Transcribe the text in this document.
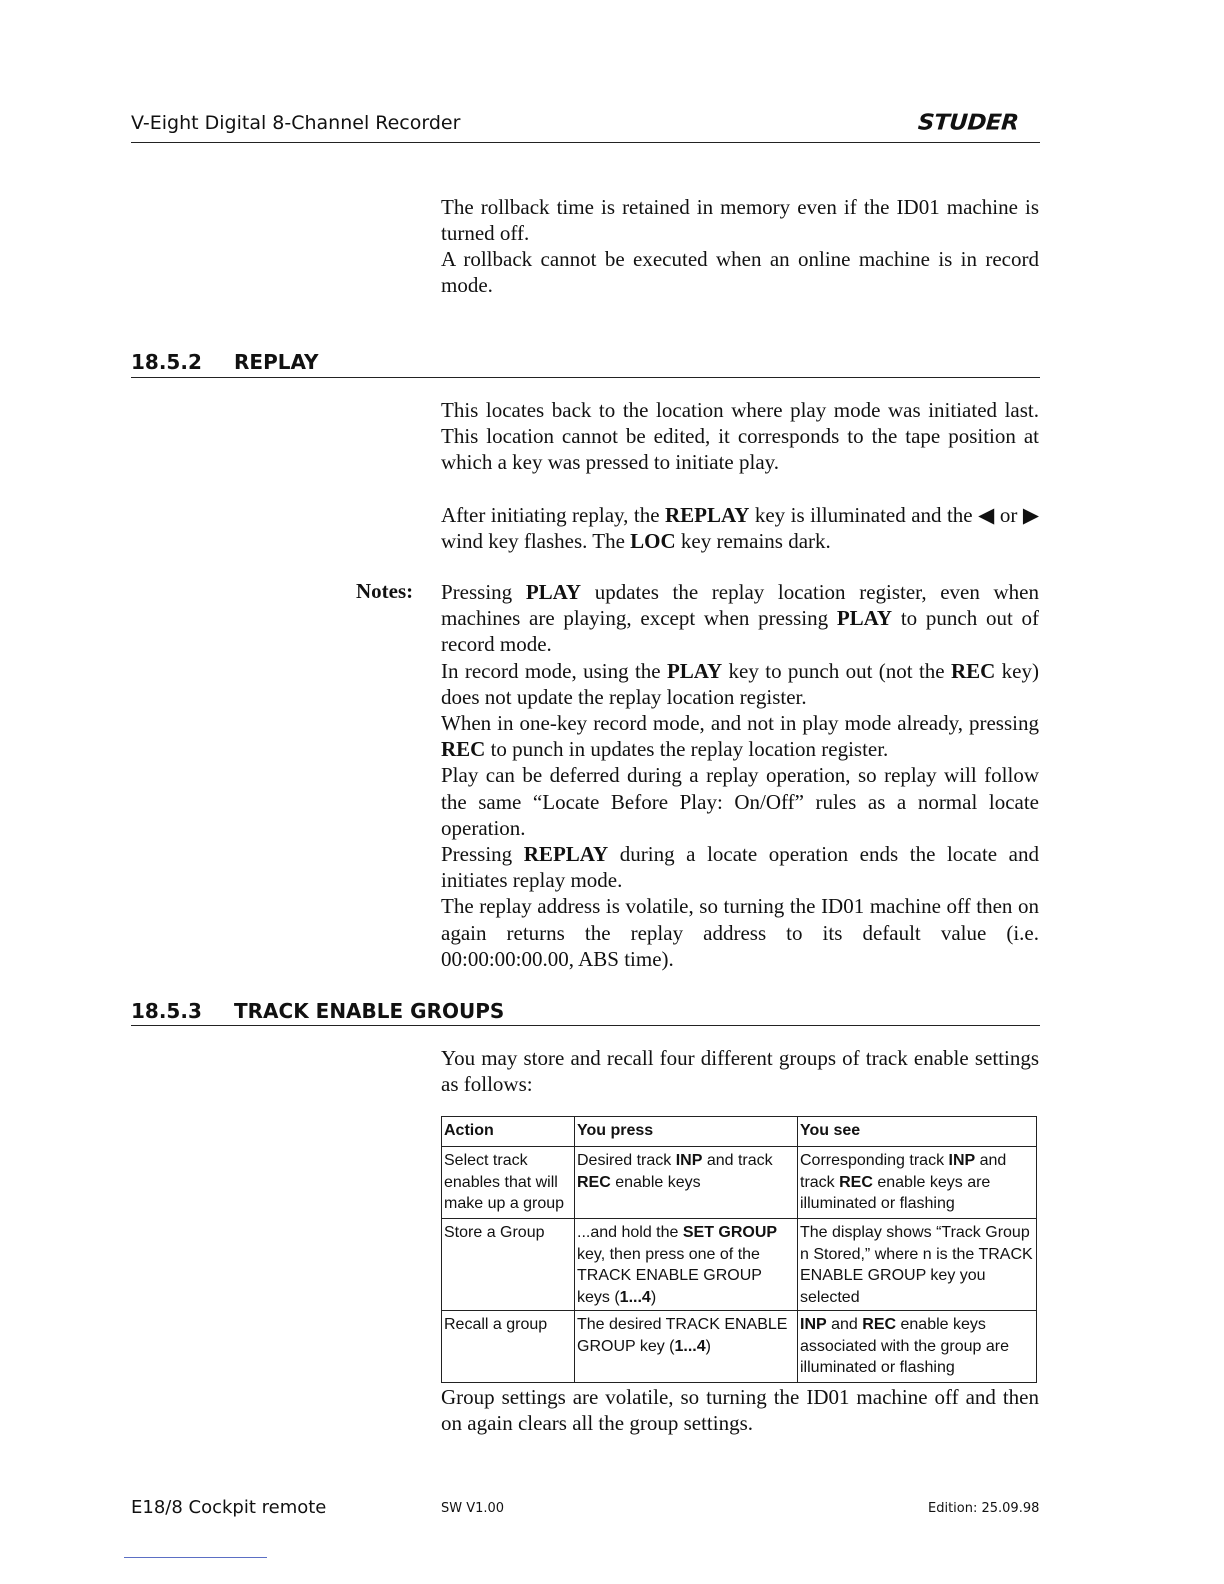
V-Eight Digital 8-Channel Recorder	STUDER
The rollback time is retained in memory even if the ID01 machine is turned off.
A rollback cannot be executed when an online machine is in record mode.
18.5.2 REPLAY
This locates back to the location where play mode was initiated last. This location cannot be edited, it corresponds to the tape position at which a key was pressed to initiate play.
After initiating replay, the REPLAY key is illuminated and the ◀ or ▶ wind key flashes. The LOC key remains dark.
Notes: Pressing PLAY updates the replay location register, even when machines are playing, except when pressing PLAY to punch out of record mode.
In record mode, using the PLAY key to punch out (not the REC key) does not update the replay location register.
When in one-key record mode, and not in play mode already, pressing REC to punch in updates the replay location register.
Play can be deferred during a replay operation, so replay will follow the same “Locate Before Play: On/Off” rules as a normal locate operation.
Pressing REPLAY during a locate operation ends the locate and initiates replay mode.
The replay address is volatile, so turning the ID01 machine off then on again returns the replay address to its default value (i.e. 00:00:00:00.00, ABS time).
18.5.3 TRACK ENABLE GROUPS
You may store and recall four different groups of track enable settings as follows:
Action	You press	You see
Select track enables that will make up a group	Desired track INP and track REC enable keys	Corresponding track INP and track REC enable keys are illuminated or flashing
Store a Group	...and hold the SET GROUP key, then press one of the TRACK ENABLE GROUP keys (1...4)	The display shows “Track Group n Stored,” where n is the TRACK ENABLE GROUP key you selected
Recall a group	The desired TRACK ENABLE GROUP key (1...4)	INP and REC enable keys associated with the group are illuminated or flashing
Group settings are volatile, so turning the ID01 machine off and then on again clears all the group settings.
E18/8 Cockpit remote	SW V1.00	Edition: 25.09.98
